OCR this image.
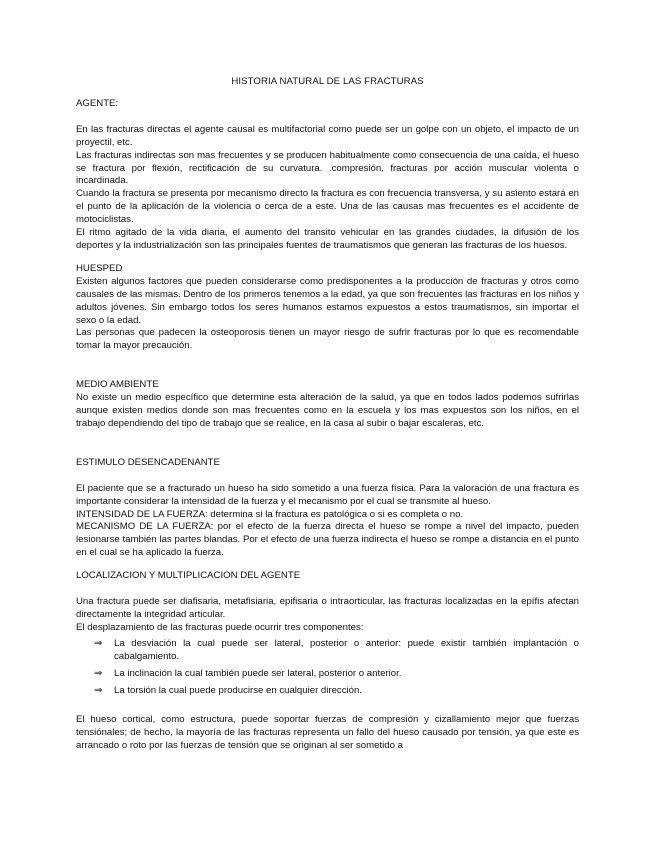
HISTORIA NATURAL DE LAS FRACTURAS
AGENTE:

En las fracturas directas el agente causal es multifactorial como puede ser un golpe con un objeto, el impacto de un proyectil, etc.

Las fracturas indirectas son mas frecuentes y se producen habitualmente como consecuencia de una caída, el hueso se fractura por flexión, rectificación de su curvatura. .compresión, fracturas por acción muscular violenta o incardinada.

Cuando la fractura se presenta por mecanismo directo la fractura es con frecuencia transversa, y su asiento estará en el punto de la aplicación de la violencia o cerca de a este. Una de las causas mas frecuentes es el accidente de motociclistas.

El ritmo agitado de la vida diaria, el aumento del transito vehicular en las grandes ciudades, la difusión de los deportes y la industrialización son las principales fuentes de traumatismos que generan las fracturas de los huesos.

HUESPED

Existen algunos factores que pueden considerarse como predisponentes a la producción de fracturas y otros como causales de las mismas. Dentro de los primeros tenemos a la edad, ya que son frecuentes las fracturas en los niños y adultos jóvenes. Sin embargo todos los seres humanos estamos expuestos a estos traumatismos, sin importar el sexo o la edad.

Las personas que padecen la osteoporosis tienen un mayor riesgo de sufrir fracturas por lo que es recomendable tomar la mayor precaución.

MEDIO AMBIENTE

No existe un medio específico que determine esta alteración de la salud, ya que en todos lados podemos sufrirlas aunque existen medios donde son mas frecuentes como en la escuela y los mas expuestos son los niños, en el trabajo dependiendo del tipo de trabajo que se realice, en la casa al subir o bajar escaleras, etc.

ESTIMULO DESENCADENANTE

El paciente que se a fracturado un hueso ha sido sometido a una fuerza física. Para la valoración de una fractura es importante considerar la intensidad de la fuerza y el mecanismo por el cual se transmite al hueso.

INTENSIDAD DE LA FUERZA: determina si la fractura es patológica o si es completa o no.

MECANISMO DE LA FUERZA: por el efecto de la fuerza directa el hueso se rompe a nivel del impacto, pueden lesionarse también las partes blandas. Por el efecto de una fuerza indirecta el hueso se rompe a distancia en el punto en el cual se ha aplicado la fuerza.

LOCALIZACION Y MULTIPLICACION DEL AGENTE

Una fractura puede ser diafisaria, metafisiaria, epifisaria o intraorticular, las fracturas localizadas en la epífis afectan directamente la integridad articular.

El desplazamiento de las fracturas puede ocurrir tres componentes:

⇒	La desviación la cual puede ser lateral, posterior o anterior: puede existir también implantación o cabalgamiento.
⇒	La inclinación la cual también puede ser lateral, posterior o anterior.
⇒	La torsión la cual puede producirse en cualquier dirección.

El hueso cortical, como estructura, puede soportar fuerzas de compresión y cizallamiento mejor que fuerzas tensiónales; de hecho, la mayoría de las fracturas representa un fallo del hueso causado por tensión, ya que este es arrancado o roto por las fuerzas de tensión que se originan al ser sometido a
